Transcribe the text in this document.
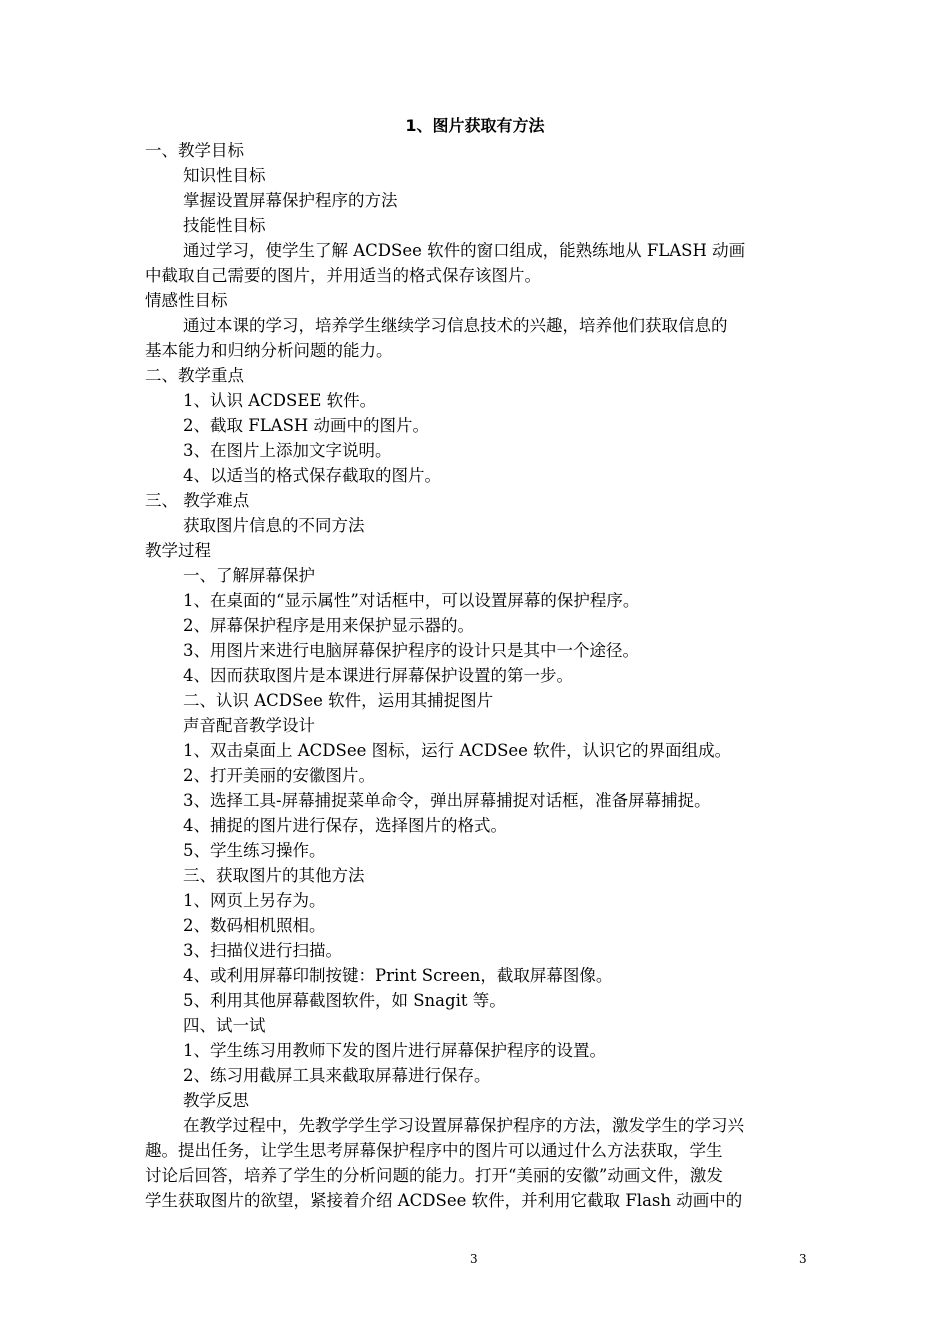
1、图片获取有方法
一、教学目标
知识性目标
掌握设置屏幕保护程序的方法
技能性目标
通过学习，使学生了解 ACDSee 软件的窗口组成，能熟练地从 FLASH 动画
中截取自己需要的图片，并用适当的格式保存该图片。
情感性目标
通过本课的学习，培养学生继续学习信息技术的兴趣，培养他们获取信息的
基本能力和归纳分析问题的能力。
二、教学重点
1、认识 ACDSEE 软件。
2、截取 FLASH 动画中的图片。
3、在图片上添加文字说明。
4、以适当的格式保存截取的图片。
三、 教学难点
获取图片信息的不同方法
教学过程
一、了解屏幕保护
1、在桌面的“显示属性”对话框中，可以设置屏幕的保护程序。
2、屏幕保护程序是用来保护显示器的。
3、用图片来进行电脑屏幕保护程序的设计只是其中一个途径。
4、因而获取图片是本课进行屏幕保护设置的第一步。
二、认识 ACDSee 软件，运用其捕捉图片
声音配音教学设计
1、双击桌面上 ACDSee 图标，运行 ACDSee 软件，认识它的界面组成。
2、打开美丽的安徽图片。
3、选择工具-屏幕捕捉菜单命令，弹出屏幕捕捉对话框，准备屏幕捕捉。
4、捕捉的图片进行保存，选择图片的格式。
5、学生练习操作。
三、获取图片的其他方法
1、网页上另存为。
2、数码相机照相。
3、扫描仪进行扫描。
4、或利用屏幕印制按键：Print Screen，截取屏幕图像。
5、利用其他屏幕截图软件，如 Snagit 等。
四、试一试
1、学生练习用教师下发的图片进行屏幕保护程序的设置。
2、练习用截屏工具来截取屏幕进行保存。
教学反思
在教学过程中，先教学学生学习设置屏幕保护程序的方法，激发学生的学习兴
趣。提出任务，让学生思考屏幕保护程序中的图片可以通过什么方法获取，学生
讨论后回答，培养了学生的分析问题的能力。打开“美丽的安徽”动画文件，激发
学生获取图片的欲望，紧接着介绍 ACDSee 软件，并利用它截取 Flash 动画中的
3	3
